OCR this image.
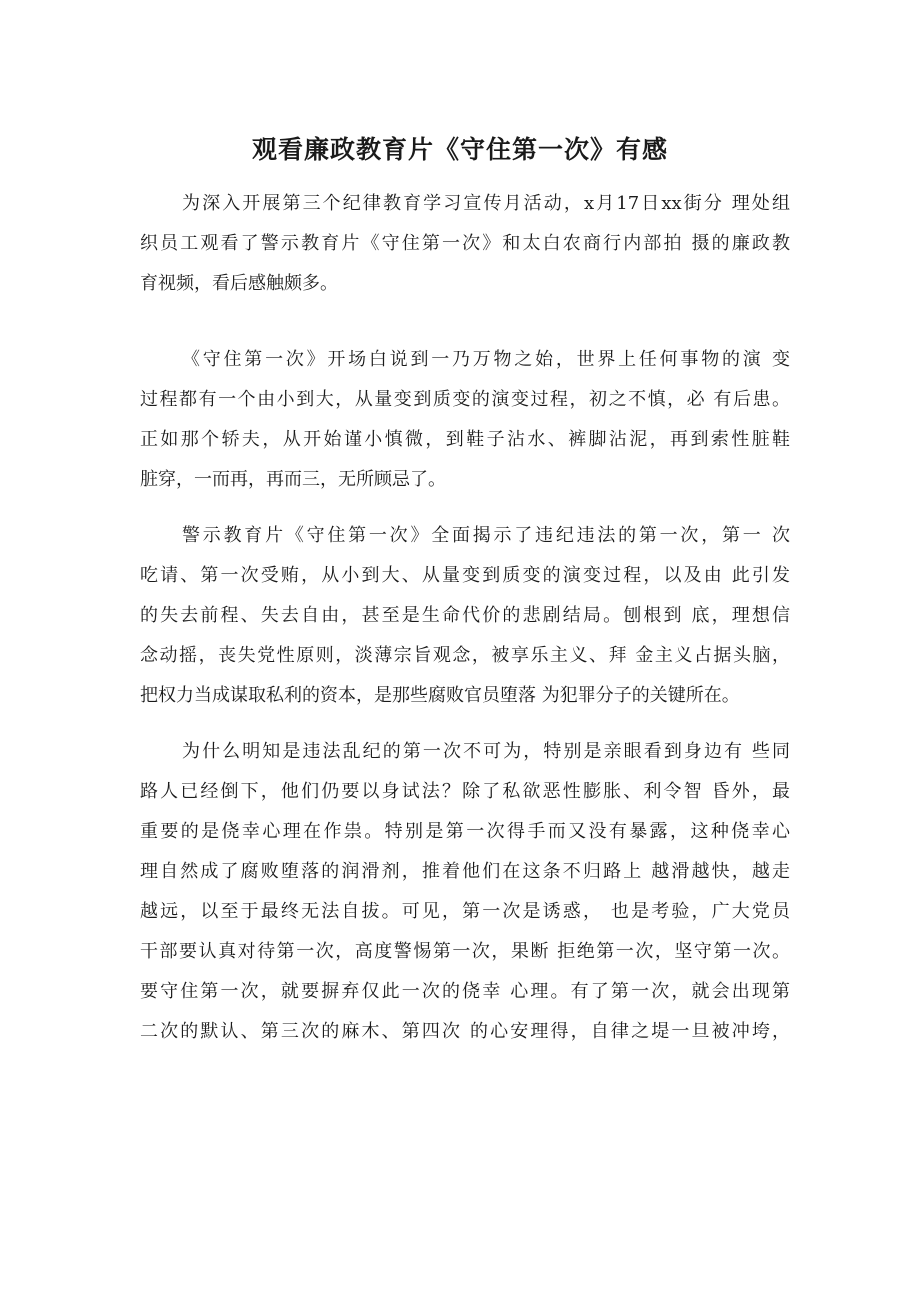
观看廉政教育片《守住第一次》有感
为深入开展第三个纪律教育学习宣传月活动，x月17日xx街分 理处组
织员工观看了警示教育片《守住第一次》和太白农商行内部拍 摄的廉政教
育视频，看后感触颇多。
《守住第一次》开场白说到一乃万物之始，世界上任何事物的演 变
过程都有一个由小到大，从量变到质变的演变过程，初之不慎，必 有后患。
正如那个轿夫，从开始谨小慎微，到鞋子沾水、裤脚沾泥，再到索性脏鞋
脏穿，一而再，再而三，无所顾忌了。
警示教育片《守住第一次》全面揭示了违纪违法的第一次，第一 次
吃请、第一次受贿，从小到大、从量变到质变的演变过程，以及由 此引发
的失去前程、失去自由，甚至是生命代价的悲剧结局。刨根到 底，理想信
念动摇，丧失党性原则，淡薄宗旨观念，被享乐主义、拜 金主义占据头脑，
把权力当成谋取私利的资本，是那些腐败官员堕落 为犯罪分子的关键所在。
为什么明知是违法乱纪的第一次不可为，特别是亲眼看到身边有 些同
路人已经倒下，他们仍要以身试法？除了私欲恶性膨胀、利令智 昏外，最
重要的是侥幸心理在作祟。特别是第一次得手而又没有暴露，这种侥幸心
理自然成了腐败堕落的润滑剂，推着他们在这条不归路上 越滑越快，越走
越远，以至于最终无法自拔。可见，第一次是诱惑， 也是考验，广大党员
干部要认真对待第一次，高度警惕第一次，果断 拒绝第一次，坚守第一次。
要守住第一次，就要摒弃仅此一次的侥幸 心理。有了第一次，就会出现第
二次的默认、第三次的麻木、第四次 的心安理得，自律之堤一旦被冲垮，
